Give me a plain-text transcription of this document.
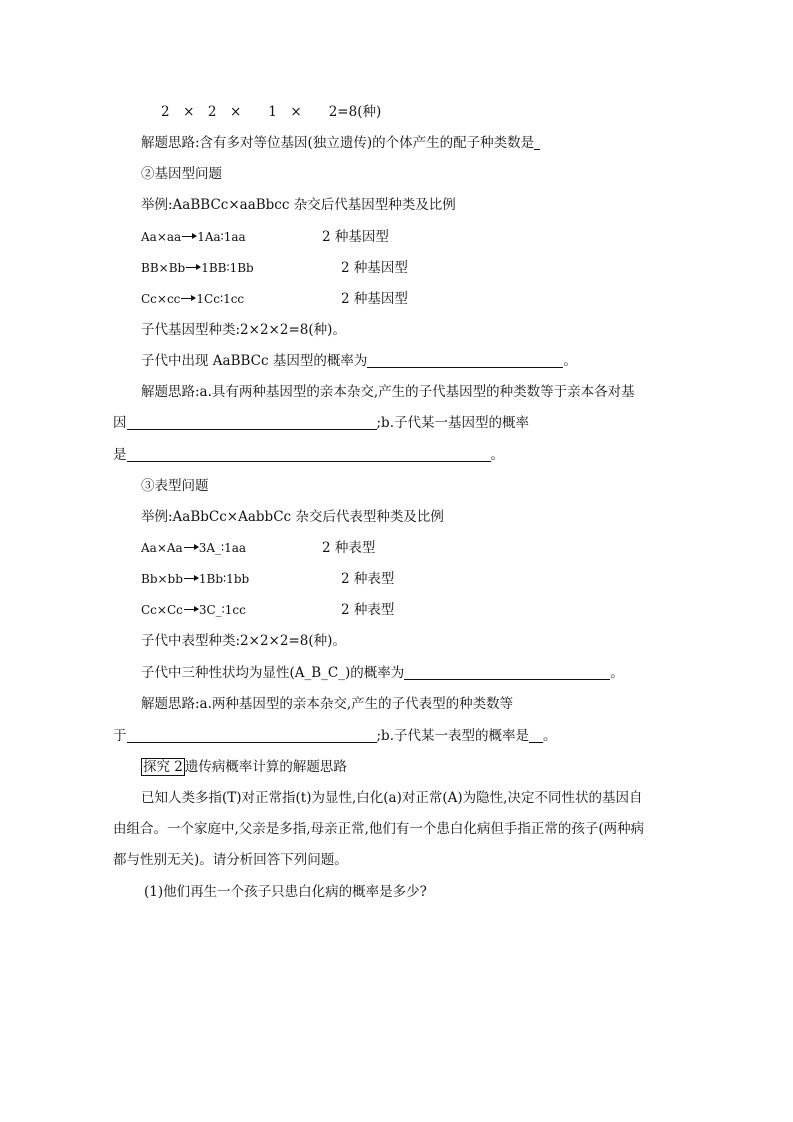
2　×　2　×　　1　×　　2=8(种)
解题思路:含有多对等位基因(独立遗传)的个体产生的配子种类数是
②基因型问题
举例:AaBBCc×aaBbcc 杂交后代基因型种类及比例
Aa×aa 1Aa∶1aa	2 种基因型
BB×Bb 1BB∶1Bb	2 种基因型
Cc×cc 1Cc∶1cc	2 种基因型
子代基因型种类:2×2×2=8(种)。
子代中出现 AaBBCc 基因型的概率为	。
解题思路:a.具有两种基因型的亲本杂交,产生的子代基因型的种类数等于亲本各对基
因	;b.子代某一基因型的概率
是	。
③表型问题
举例:AaBbCc×AabbCc 杂交后代表型种类及比例
Aa×Aa 3A_∶1aa	2 种表型
Bb×bb 1Bb∶1bb	2 种表型
Cc×Cc 3C_∶1cc	2 种表型
子代中表型种类:2×2×2=8(种)。
子代中三种性状均为显性(A_B_C_)的概率为	。
解题思路:a.两种基因型的亲本杂交,产生的子代表型的种类数等
于	;b.子代某一表型的概率是 。
探究 2 遗传病概率计算的解题思路
已知人类多指(T)对正常指(t)为显性,白化(a)对正常(A)为隐性,决定不同性状的基因自
由组合。一个家庭中,父亲是多指,母亲正常,他们有一个患白化病但手指正常的孩子(两种病
都与性别无关)。请分析回答下列问题。
(1)他们再生一个孩子只患白化病的概率是多少?
